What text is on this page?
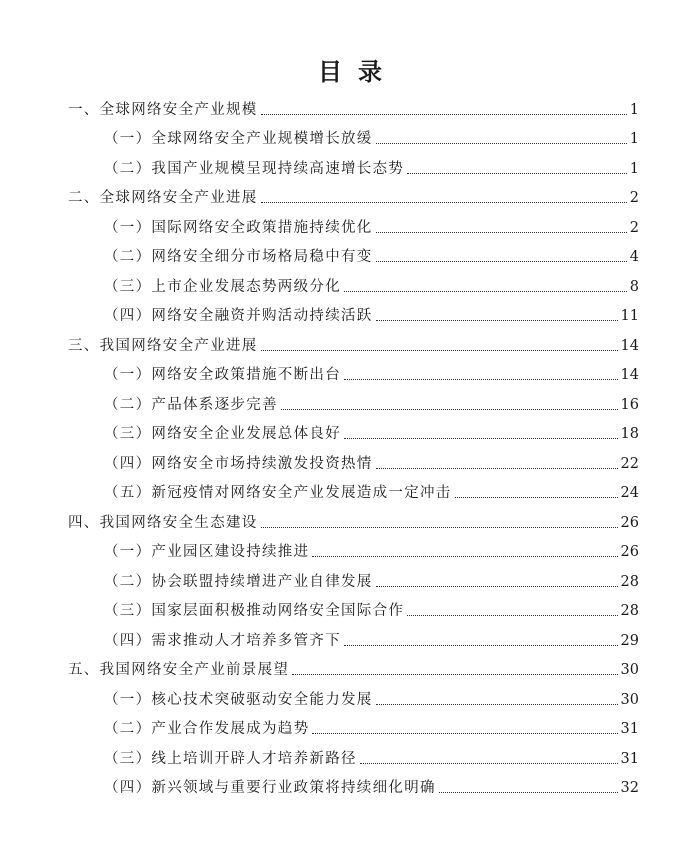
目录
一、全球网络安全产业规模	1
（一）全球网络安全产业规模增长放缓	1
（二）我国产业规模呈现持续高速增长态势	1
二、全球网络安全产业进展	2
（一）国际网络安全政策措施持续优化	2
（二）网络安全细分市场格局稳中有变	4
（三）上市企业发展态势两级分化	8
（四）网络安全融资并购活动持续活跃	11
三、我国网络安全产业进展	14
（一）网络安全政策措施不断出台	14
（二）产品体系逐步完善	16
（三）网络安全企业发展总体良好	18
（四）网络安全市场持续激发投资热情	22
（五）新冠疫情对网络安全产业发展造成一定冲击	24
四、我国网络安全生态建设	26
（一）产业园区建设持续推进	26
（二）协会联盟持续增进产业自律发展	28
（三）国家层面积极推动网络安全国际合作	28
（四）需求推动人才培养多管齐下	29
五、我国网络安全产业前景展望	30
（一）核心技术突破驱动安全能力发展	30
（二）产业合作发展成为趋势	31
（三）线上培训开辟人才培养新路径	31
（四）新兴领域与重要行业政策将持续细化明确	32
